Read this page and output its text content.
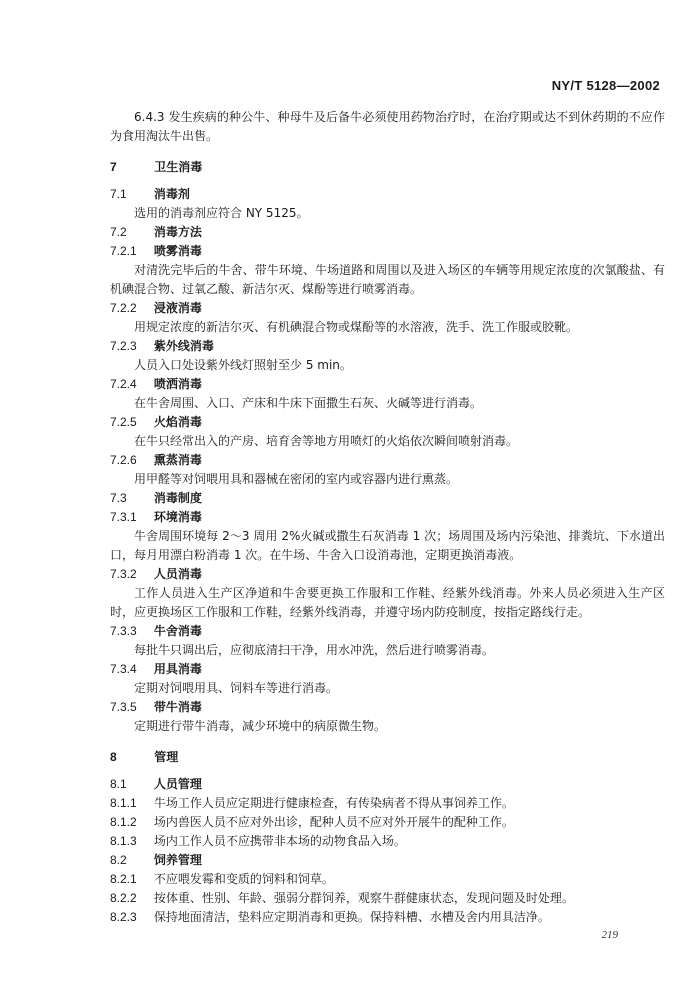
NY/T 5128—2002
6.4.3 发生疾病的种公牛、种母牛及后备牛必须使用药物治疗时，在治疗期或达不到休药期的不应作为食用淘汰牛出售。
7	卫生消毒
7.1 消毒剂
选用的消毒剂应符合 NY 5125。
7.2 消毒方法
7.2.1 喷雾消毒
对清洗完毕后的牛舍、带牛环境、牛场道路和周围以及进入场区的车辆等用规定浓度的次氯酸盐、有机碘混合物、过氧乙酸、新洁尔灭、煤酚等进行喷雾消毒。
7.2.2 浸液消毒
用规定浓度的新洁尔灭、有机碘混合物或煤酚等的水溶液，洗手、洗工作服或胶靴。
7.2.3 紫外线消毒
人员入口处设紫外线灯照射至少 5 min。
7.2.4 喷洒消毒
在牛舍周围、入口、产床和牛床下面撒生石灰、火碱等进行消毒。
7.2.5 火焰消毒
在牛只经常出入的产房、培育舍等地方用喷灯的火焰依次瞬间喷射消毒。
7.2.6 熏蒸消毒
用甲醛等对饲喂用具和器械在密闭的室内或容器内进行熏蒸。
7.3 消毒制度
7.3.1 环境消毒
牛舍周围环境每 2～3 周用 2%火碱或撒生石灰消毒 1 次；场周围及场内污染池、排粪坑、下水道出口，每月用漂白粉消毒 1 次。在牛场、牛舍入口设消毒池，定期更换消毒液。
7.3.2 人员消毒
工作人员进入生产区净道和牛舍要更换工作服和工作鞋、经紫外线消毒。外来人员必须进入生产区时，应更换场区工作服和工作鞋，经紫外线消毒，并遵守场内防疫制度，按指定路线行走。
7.3.3 牛舍消毒
每批牛只调出后，应彻底清扫干净，用水冲洗，然后进行喷雾消毒。
7.3.4 用具消毒
定期对饲喂用具、饲料车等进行消毒。
7.3.5 带牛消毒
定期进行带牛消毒，减少环境中的病原微生物。
8	管理
8.1 人员管理
8.1.1 牛场工作人员应定期进行健康检查，有传染病者不得从事饲养工作。
8.1.2 场内兽医人员不应对外出诊，配种人员不应对外开展牛的配种工作。
8.1.3 场内工作人员不应携带非本场的动物食品入场。
8.2 饲养管理
8.2.1 不应喂发霉和变质的饲料和饲草。
8.2.2 按体重、性别、年龄、强弱分群饲养，观察牛群健康状态，发现问题及时处理。
8.2.3 保持地面清洁，垫料应定期消毒和更换。保持料槽、水槽及舍内用具洁净。
219
